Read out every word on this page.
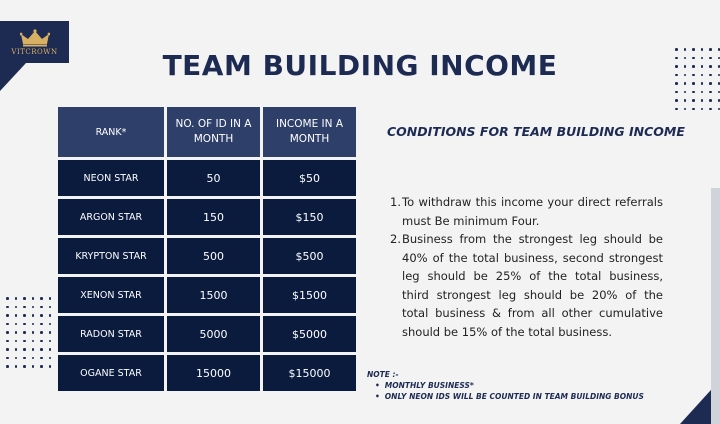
VITCROWN	TEAM BUILDING INCOME
RANK*	NO. OF ID IN A MONTH	INCOME IN A MONTH
NEON STAR	50	$50
ARGON STAR	150	$150
KRYPTON STAR	500	$500
XENON STAR	1500	$1500
RADON STAR	5000	$5000
OGANE STAR	15000	$15000
CONDITIONS FOR TEAM BUILDING INCOME
1. To withdraw this income your direct referrals must Be minimum Four.
2. Business from the strongest leg should be 40% of the total business, second strongest leg should be 25% of the total business, third strongest leg should be 20% of the total business & from all other cumulative should be 15% of the total business.
NOTE :-
• MONTHLY BUSINESS*
• ONLY NEON IDS WILL BE COUNTED IN TEAM BUILDING BONUS
